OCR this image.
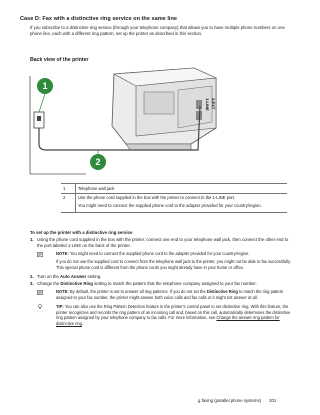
Case D: Fax with a distinctive ring service on the same line
If you subscribe to a distinctive ring service (through your telephone company) that allows you to have multiple phone numbers on one phone line, each with a different ring pattern, set up the printer as described in this section.
Back view of the printer
1-LINE 2-EXT
1
2

1	Telephone wall jack
2	Use the phone cord supplied in the box with the printer to connect to the 1-LINE port.
You might need to connect the supplied phone cord to the adapter provided for your country/region.
To set up the printer with a distinctive ring service
1. Using the phone cord supplied in the box with the printer, connect one end to your telephone wall jack, then connect the other end to the port labeled 1-LINE on the back of the printer.
NOTE: You might need to connect the supplied phone cord to the adapter provided for your country/region.
If you do not use the supplied cord to connect from the telephone wall jack to the printer, you might not be able to fax successfully. This special phone cord is different from the phone cords you might already have in your home or office.
2. Turn on the Auto Answer setting.
3. Change the Distinctive Ring setting to match the pattern that the telephone company assigned to your fax number.
NOTE: By default, the printer is set to answer all ring patterns. If you do not set the Distinctive Ring to match the ring pattern assigned to your fax number, the printer might answer both voice calls and fax calls or it might not answer at all.
TIP: You can also use the Ring Pattern Detection feature in the printer's control panel to set distinctive ring. With this feature, the printer recognizes and records the ring pattern of an incoming call and, based on this call, automatically determines the distinctive ring pattern assigned by your telephone company to fax calls. For more information, see Change the answer ring pattern for distinctive ring.
g faxing (parallel phone systems) 201
